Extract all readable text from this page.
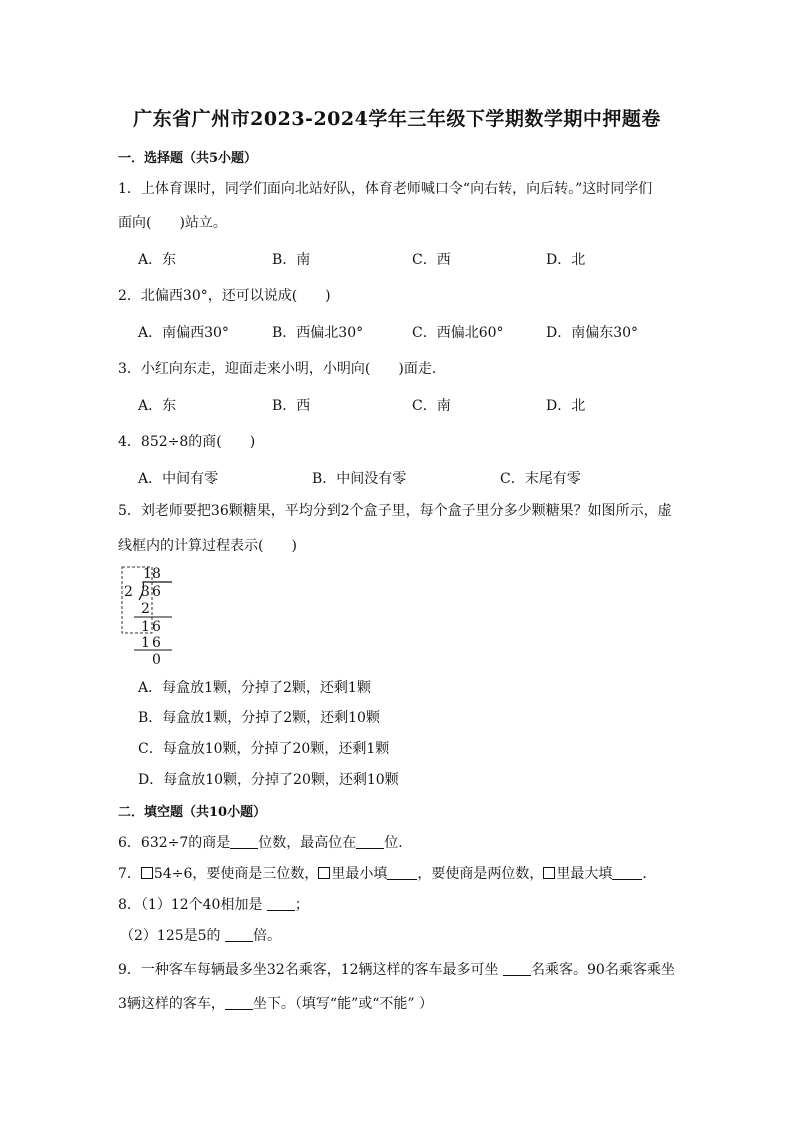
广东省广州市2023-2024学年三年级下学期数学期中押题卷
一．选择题（共5小题）
1．上体育课时，同学们面向北站好队，体育老师喊口令“向右转，向后转。”这时同学们
面向(　　)站立。
A．东	B．南	C．西	D．北
2．北偏西30°，还可以说成(　　)
A．南偏西30°	B．西偏北30°	C．西偏北60°	D．南偏东30°
3．小红向东走，迎面走来小明，小明向(　　)面走．
A．东	B．西	C．南	D．北
4．852÷8的商(　　)
A．中间有零	B．中间没有零	C．末尾有零
5．刘老师要把36颗糖果，平均分到2个盒子里，每个盒子里分多少颗糖果？如图所示，虚
线框内的计算过程表示(　　)
1 8
2 3 6
2
1 6
1 6
0
A．每盒放1颗，分掉了2颗，还剩1颗
B．每盒放1颗，分掉了2颗，还剩10颗
C．每盒放10颗，分掉了20颗，还剩1颗
D．每盒放10颗，分掉了20颗，还剩10颗
二．填空题（共10小题）
6．632÷7的商是 位数，最高位在 位．
7． 54÷6，要使商是三位数， 里最小填 ，要使商是两位数， 里最大填 ．
8．（1）12个40相加是 ；
（2）125是5的 倍。
9．一种客车每辆最多坐32名乘客，12辆这样的客车最多可坐 名乘客。90名乘客乘坐
3辆这样的客车， 坐下。（填写“能”或“不能” ）
